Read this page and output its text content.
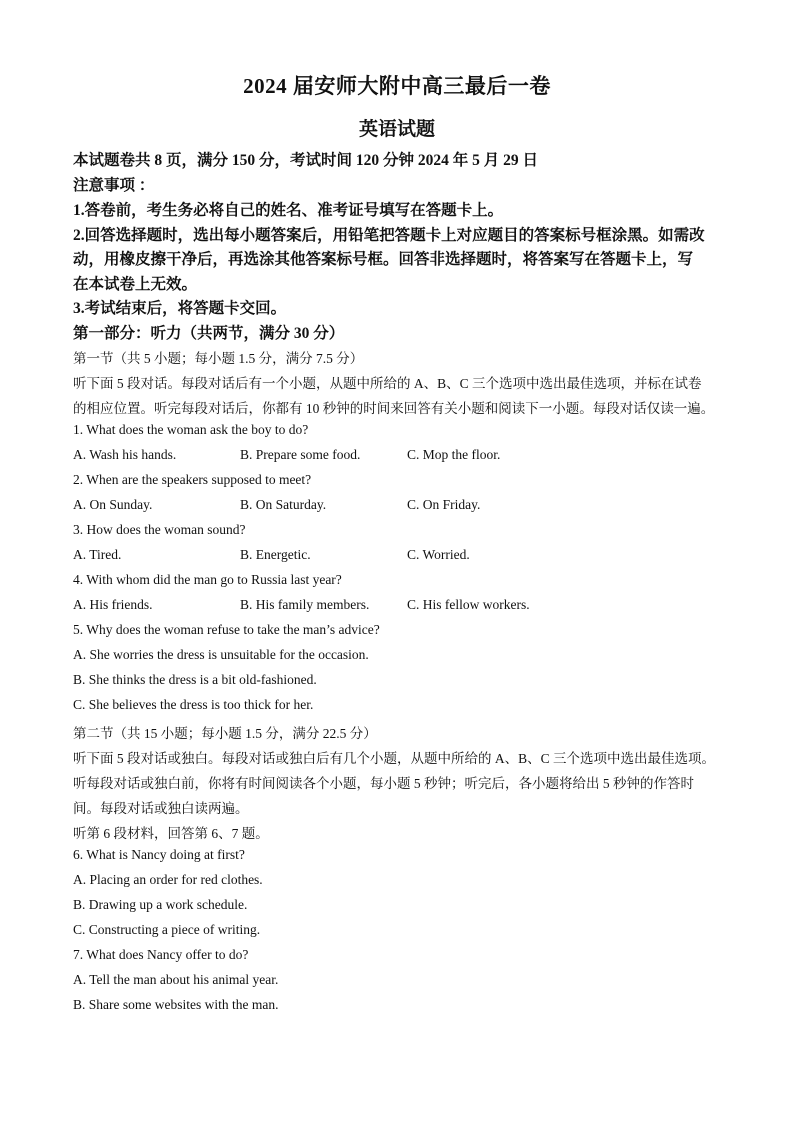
2024 届安师大附中高三最后一卷
英语试题
本试题卷共 8 页，满分 150 分，考试时间 120 分钟 2024 年 5 月 29 日
注意事项 ：
1.答卷前，考生务必将自己的姓名、准考证号填写在答题卡上。
2.回答选择题时，选出每小题答案后，用铅笔把答题卡上对应题目的答案标号框涂黑。如需改
动，用橡皮擦干净后，再选涂其他答案标号框。回答非选择题时，将答案写在答题卡上，写
在本试卷上无效。
3.考试结束后，将答题卡交回。
第一部分：听力（共两节，满分 30 分）
第一节（共 5 小题；每小题 1.5 分，满分 7.5 分）
听下面 5 段对话。每段对话后有一个小题，从题中所给的 A、B、C 三个选项中选出最佳选项，并标在试卷
的相应位置。听完每段对话后，你都有 10 秒钟的时间来回答有关小题和阅读下一小题。每段对话仅读一遍。
1. What does the woman ask the boy to do?
A. Wash his hands.	B. Prepare some food.	C. Mop the floor.
2. When are the speakers supposed to meet?
A. On Sunday.	B. On Saturday.	C. On Friday.
3. How does the woman sound?
A. Tired.	B. Energetic.	C. Worried.
4. With whom did the man go to Russia last year?
A. His friends.	B. His family members.	C. His fellow workers.
5. Why does the woman refuse to take the man’s advice?
A. She worries the dress is unsuitable for the occasion.
B. She thinks the dress is a bit old-fashioned.
C. She believes the dress is too thick for her.
第二节（共 15 小题；每小题 1.5 分，满分 22.5 分）
听下面 5 段对话或独白。每段对话或独白后有几个小题，从题中所给的 A、B、C 三个选项中选出最佳选项。
听每段对话或独白前，你将有时间阅读各个小题，每小题 5 秒钟；听完后，各小题将给出 5 秒钟的作答时
间。每段对话或独白读两遍。
听第 6 段材料，回答第 6、7 题。
6. What is Nancy doing at first?
A. Placing an order for red clothes.
B. Drawing up a work schedule.
C. Constructing a piece of writing.
7. What does Nancy offer to do?
A. Tell the man about his animal year.
B. Share some websites with the man.
